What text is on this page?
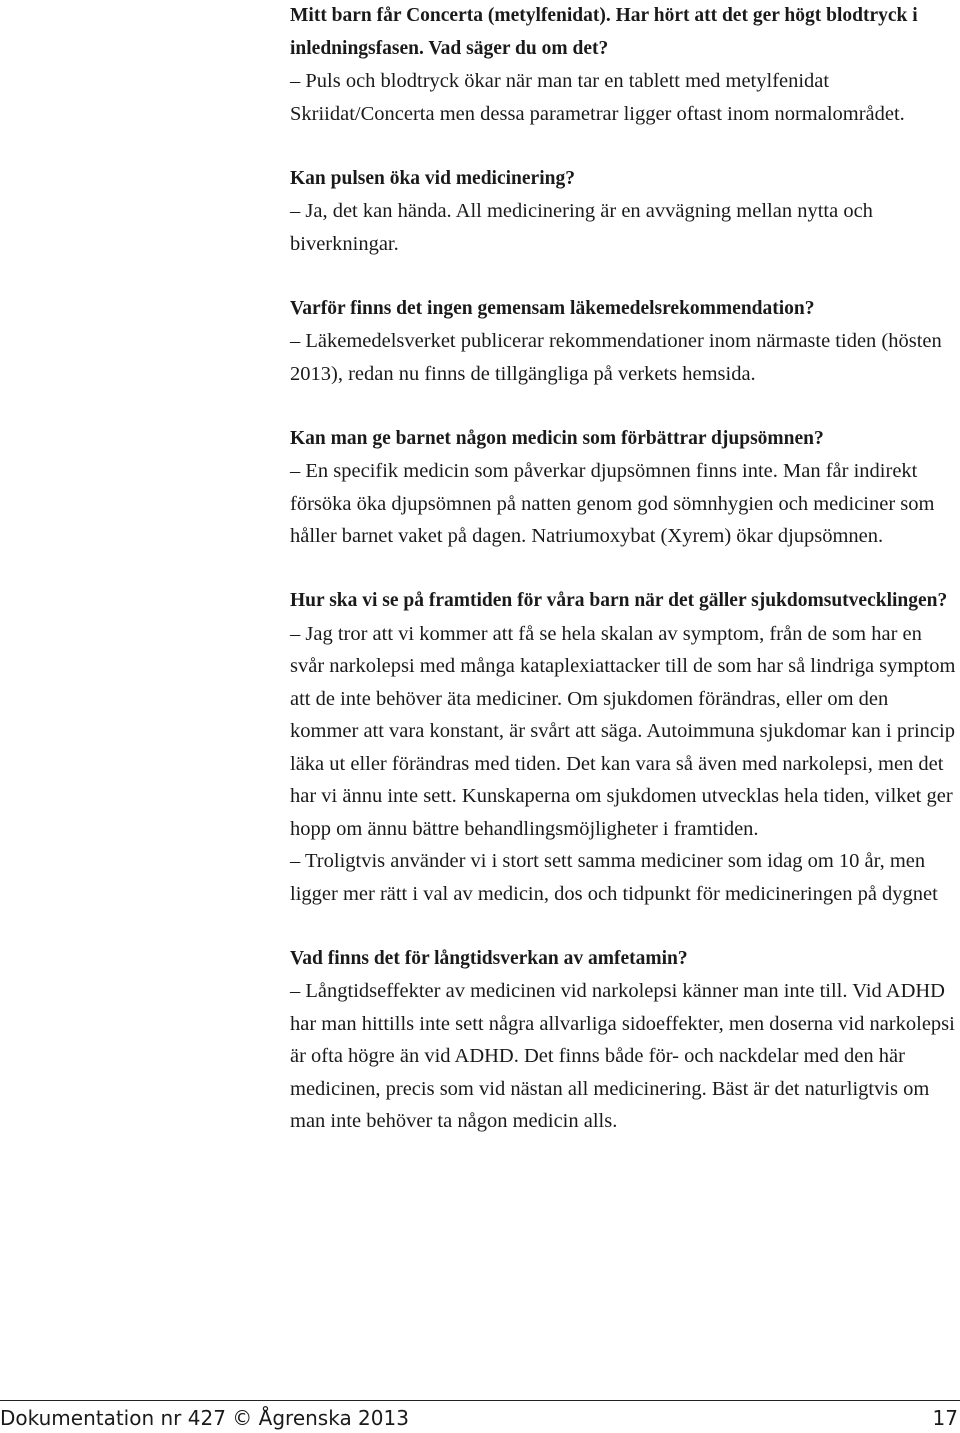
Mitt barn får Concerta (metylfenidat). Har hört att det ger högt blodtryck i inledningsfasen. Vad säger du om det?

– Puls och blodtryck ökar när man tar en tablett med metylfenidat Skriidat/Concerta men dessa parametrar ligger oftast inom normalområdet.

Kan pulsen öka vid medicinering?

– Ja, det kan hända. All medicinering är en avvägning mellan nytta och biverkningar.

Varför finns det ingen gemensam läkemedelsrekommendation?

– Läkemedelsverket publicerar rekommendationer inom närmaste tiden (hösten 2013), redan nu finns de tillgängliga på verkets hemsida.

Kan man ge barnet någon medicin som förbättrar djupsömnen?

– En specifik medicin som påverkar djupsömnen finns inte. Man får indirekt försöka öka djupsömnen på natten genom god sömnhygien och mediciner som håller barnet vaket på dagen. Natriumoxybat (Xyrem) ökar djupsömnen.

Hur ska vi se på framtiden för våra barn när det gäller sjukdomsutvecklingen?

– Jag tror att vi kommer att få se hela skalan av symptom, från de som har en svår narkolepsi med många kataplexiattacker till de som har så lindriga symptom att de inte behöver äta mediciner. Om sjukdomen förändras, eller om den kommer att vara konstant, är svårt att säga. Autoimmuna sjukdomar kan i princip läka ut eller förändras med tiden. Det kan vara så även med narkolepsi, men det har vi ännu inte sett. Kunskaperna om sjukdomen utvecklas hela tiden, vilket ger hopp om ännu bättre behandlingsmöjligheter i framtiden.

– Troligtvis använder vi i stort sett samma mediciner som idag om 10 år, men ligger mer rätt i val av medicin, dos och tidpunkt för medicineringen på dygnet

Vad finns det för långtidsverkan av amfetamin?

– Långtidseffekter av medicinen vid narkolepsi känner man inte till. Vid ADHD har man hittills inte sett några allvarliga sidoeffekter, men doserna vid narkolepsi är ofta högre än vid ADHD. Det finns både för- och nackdelar med den här medicinen, precis som vid nästan all medicinering. Bäst är det naturligtvis om man inte behöver ta någon medicin alls.

Dokumentation nr 427 © Ågrenska 2013	17
